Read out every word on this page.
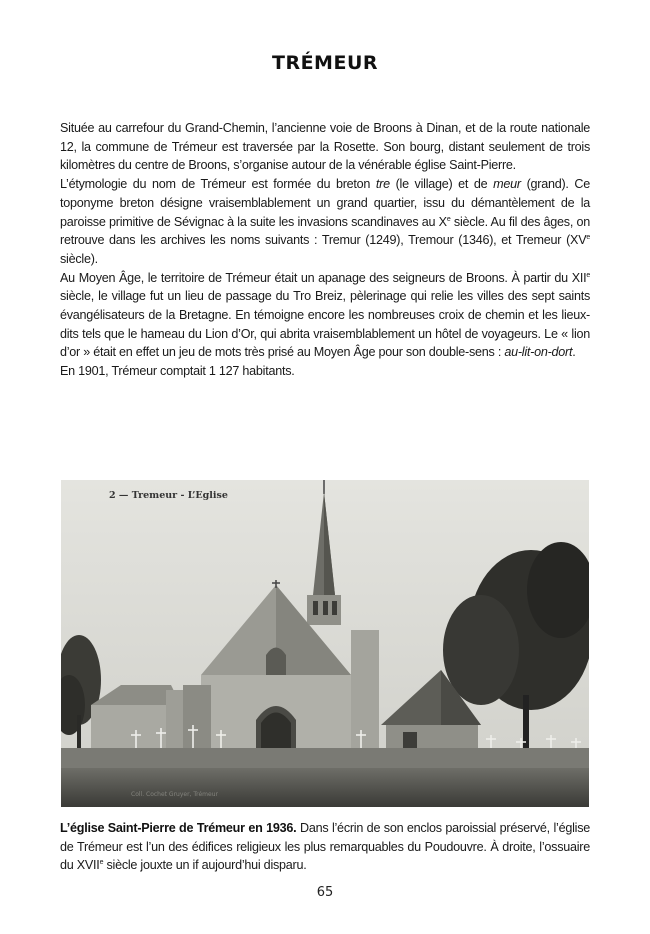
TRÉMEUR

Située au carrefour du Grand-Chemin, l’ancienne voie de Broons à Dinan, et de la route nationale 12, la commune de Trémeur est traversée par la Rosette. Son bourg, distant seulement de trois kilomètres du centre de Broons, s’organise autour de la vénérable église Saint-Pierre.

L’étymologie du nom de Trémeur est formée du breton tre (le village) et de meur (grand). Ce toponyme breton désigne vraisemblablement un grand quartier, issu du démantèlement de la paroisse primitive de Sévignac à la suite les invasions scandinaves au Xe siècle. Au fil des âges, on retrouve dans les archives les noms suivants : Tremur (1249), Tremour (1346), et Tremeur (XVe siècle).

Au Moyen Âge, le territoire de Trémeur était un apanage des seigneurs de Broons. À partir du XIIe siècle, le village fut un lieu de passage du Tro Breiz, pèlerinage qui relie les villes des sept saints évangélisateurs de la Bretagne. En témoigne encore les nombreuses croix de chemin et les lieux-dits tels que le hameau du Lion d’Or, qui abrita vraisemblablement un hôtel de voyageurs. Le « lion d’or » était en effet un jeu de mots très prisé au Moyen Âge pour son double-sens : au-lit-on-dort.

En 1901, Trémeur comptait 1 127 habitants.

2 — Tremeur - L’Eglise
Coll. Cochet Gruyer, Trémeur
L’église Saint-Pierre de Trémeur en 1936. Dans l’écrin de son enclos paroissial préservé, l’église de Trémeur est l’un des édifices religieux les plus remarquables du Poudouvre. À droite, l’ossuaire du XVIIe siècle jouxte un if aujourd’hui disparu.
65
